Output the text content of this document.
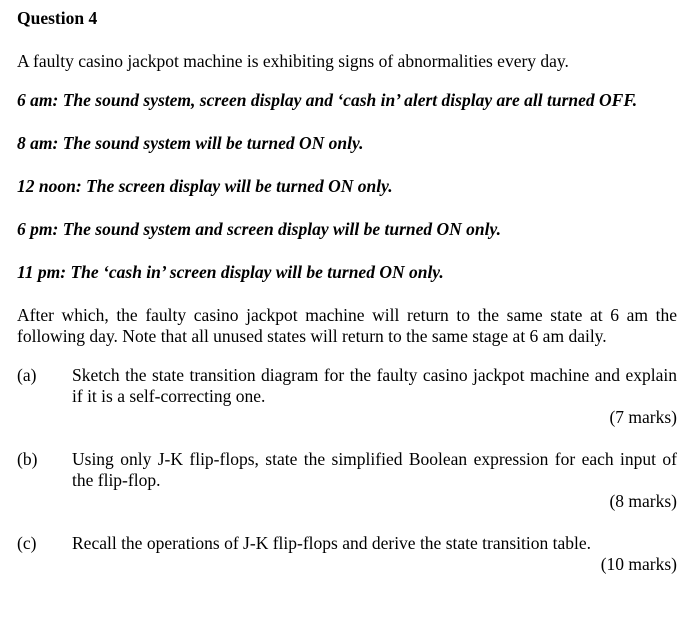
Question 4
A faulty casino jackpot machine is exhibiting signs of abnormalities every day.
6 am: The sound system, screen display and ‘cash in’ alert display are all turned OFF.
8 am: The sound system will be turned ON only.
12 noon: The screen display will be turned ON only.
6 pm: The sound system and screen display will be turned ON only.
11 pm: The ‘cash in’ screen display will be turned ON only.
After which, the faulty casino jackpot machine will return to the same state at 6 am the following day. Note that all unused states will return to the same stage at 6 am daily.
(a)	Sketch the state transition diagram for the faulty casino jackpot machine and explain if it is a self-correcting one.
(7 marks)
(b)	Using only J-K flip-flops, state the simplified Boolean expression for each input of the flip-flop.
(8 marks)
(c)	Recall the operations of J-K flip-flops and derive the state transition table.
(10 marks)
